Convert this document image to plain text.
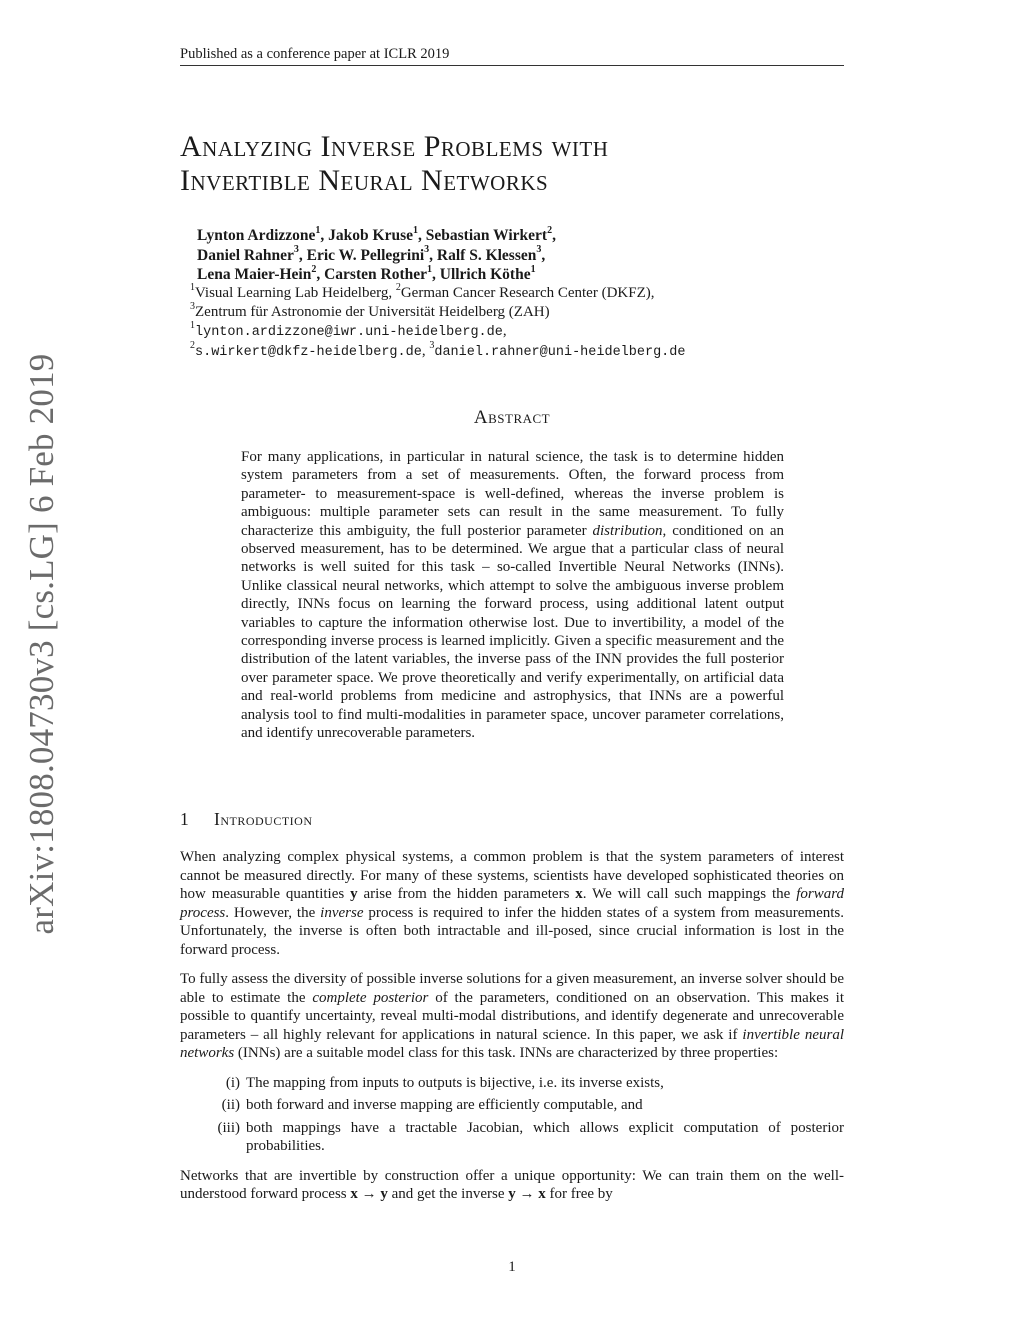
arXiv:1808.04730v3 [cs.LG] 6 Feb 2019
Published as a conference paper at ICLR 2019
Analyzing Inverse Problems with
Invertible Neural Networks
Lynton Ardizzone$^1$, Jakob Kruse$^1$, Sebastian Wirkert$^2$,
Daniel Rahner$^3$, Eric W. Pellegrini$^3$, Ralf S. Klessen$^3$,
Lena Maier-Hein$^2$, Carsten Rother$^1$, Ullrich Köthe$^1$
$^1$Visual Learning Lab Heidelberg, $^2$German Cancer Research Center (DKFZ),
$^3$Zentrum für Astronomie der Universität Heidelberg (ZAH)
$^1$lynton.ardizzone@iwr.uni-heidelberg.de,
$^2$s.wirkert@dkfz-heidelberg.de, $^3$daniel.rahner@uni-heidelberg.de
Abstract

For many applications, in particular in natural science, the task is to determine hidden system parameters from a set of measurements. Often, the forward process from parameter- to measurement-space is well-defined, whereas the inverse problem is ambiguous: multiple parameter sets can result in the same measurement. To fully characterize this ambiguity, the full posterior parameter distribution, conditioned on an observed measurement, has to be determined. We argue that a particular class of neural networks is well suited for this task – so-called Invertible Neural Networks (INNs). Unlike classical neural networks, which attempt to solve the ambiguous inverse problem directly, INNs focus on learning the forward process, using additional latent output variables to capture the information otherwise lost. Due to invertibility, a model of the corresponding inverse process is learned implicitly. Given a specific measurement and the distribution of the latent variables, the inverse pass of the INN provides the full posterior over parameter space. We prove theoretically and verify experimentally, on artificial data and real-world problems from medicine and astrophysics, that INNs are a powerful analysis tool to find multi-modalities in parameter space, uncover parameter correlations, and identify unrecoverable parameters.

1 Introduction

When analyzing complex physical systems, a common problem is that the system parameters of interest cannot be measured directly. For many of these systems, scientists have developed sophisticated theories on how measurable quantities y arise from the hidden parameters x. We will call such mappings the forward process. However, the inverse process is required to infer the hidden states of a system from measurements. Unfortunately, the inverse is often both intractable and ill-posed, since crucial information is lost in the forward process.

To fully assess the diversity of possible inverse solutions for a given measurement, an inverse solver should be able to estimate the complete posterior of the parameters, conditioned on an observation. This makes it possible to quantify uncertainty, reveal multi-modal distributions, and identify degenerate and unrecoverable parameters – all highly relevant for applications in natural science. In this paper, we ask if invertible neural networks (INNs) are a suitable model class for this task. INNs are characterized by three properties:

(i) The mapping from inputs to outputs is bijective, i.e. its inverse exists,
(ii) both forward and inverse mapping are efficiently computable, and
(iii) both mappings have a tractable Jacobian, which allows explicit computation of posterior probabilities.

Networks that are invertible by construction offer a unique opportunity: We can train them on the well-understood forward process x → y and get the inverse y → x for free by

1
